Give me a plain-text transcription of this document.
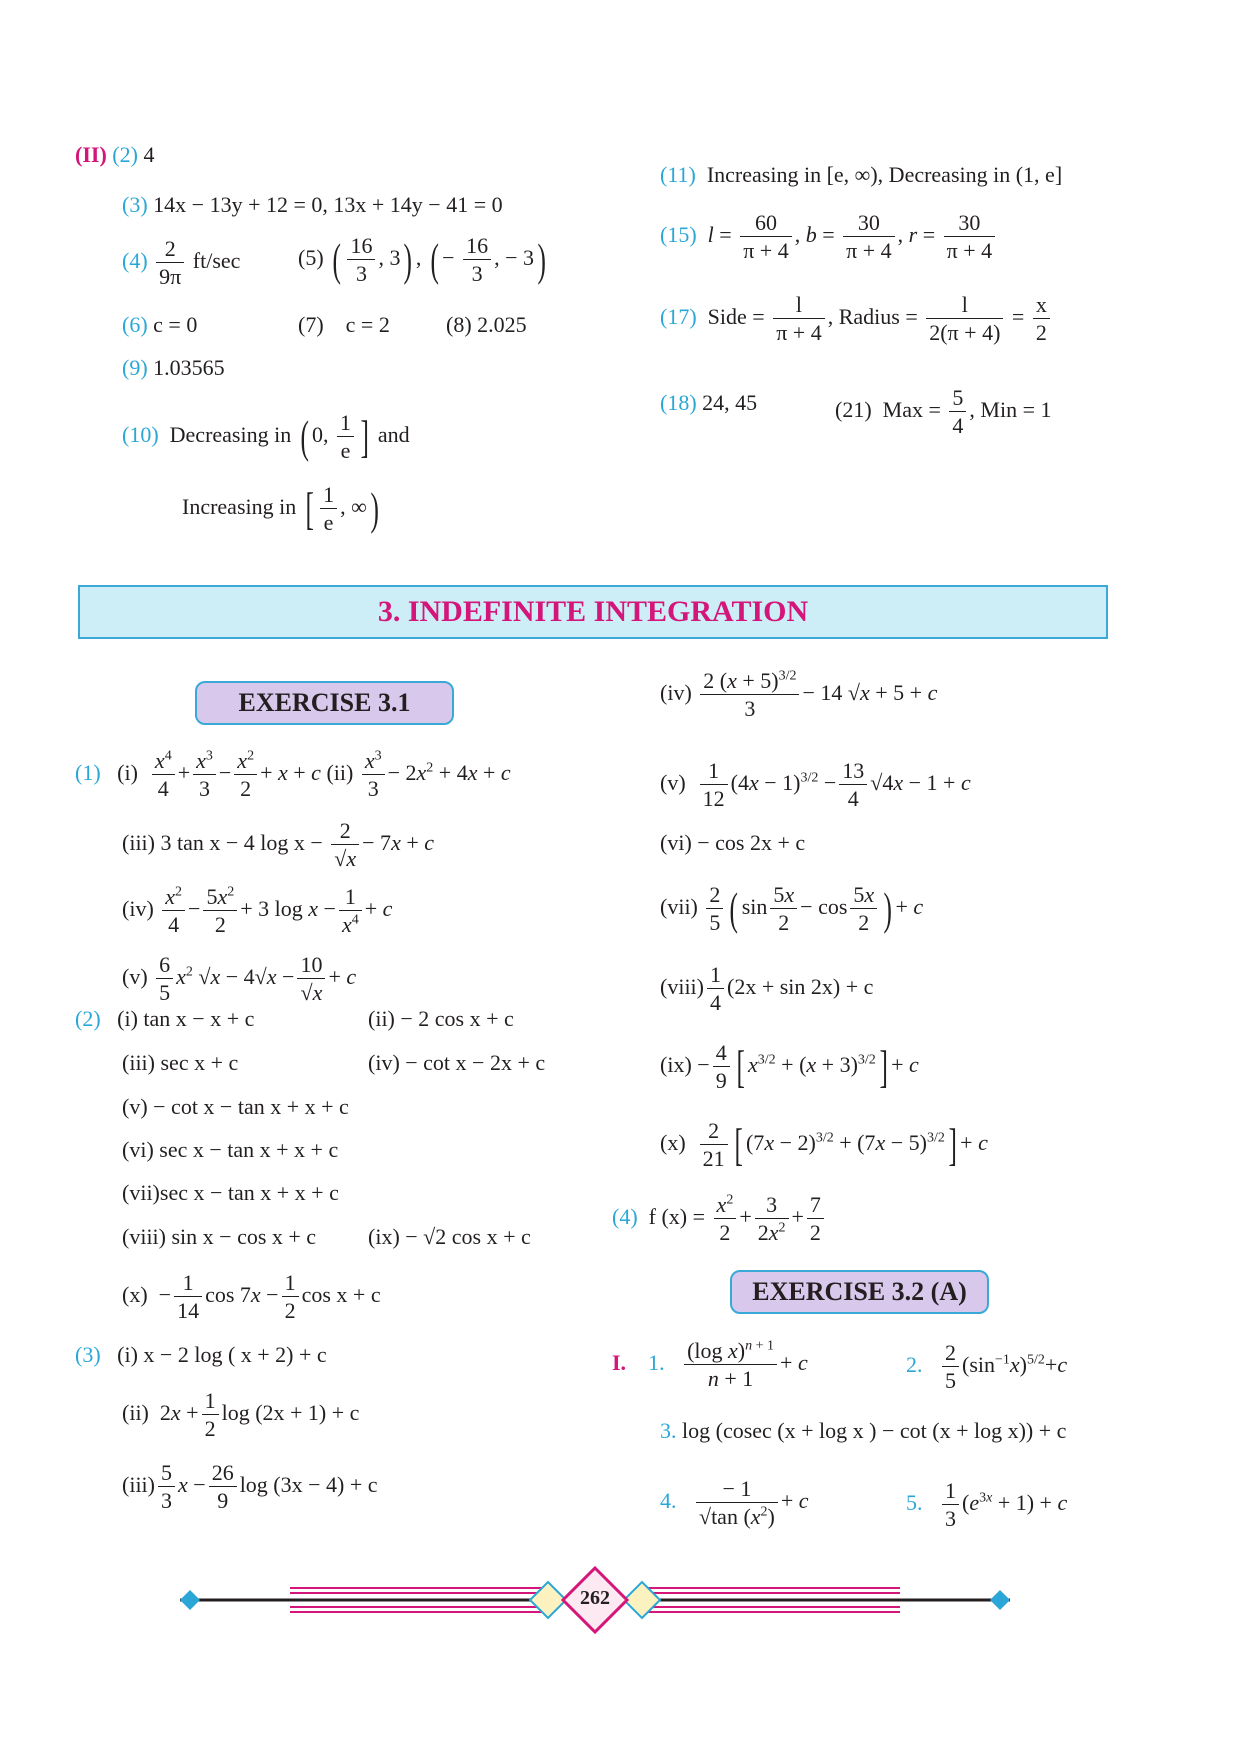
(II) (2) 4
(3) 14x − 13y + 12 = 0, 13x + 14y − 41 = 0
$(4) \frac{2}{9\pi} ft/\sec$	(5) ( $\frac{16}{3}$ , 3) , ( − $\frac{16}{3}$ , − 3)
(6) c = 0	(7) c = 2	(8) 2.025
(9) 1.03565
(10) Decreasing in ( 0, $\frac{1}{e}$ ] and
Increasing in [ $\frac{1}{e}$ , ∞)
(11) Increasing in [e, ∞), Decreasing in (1, e]
(15) $l = \frac{60}{\pi + 4}$ , $b = \frac{30}{\pi + 4}$ , $r = \frac{30}{\pi + 4}$
(17) Side = $\frac{l}{\pi + 4}$ , Radius = $\frac{l}{2(\pi + 4)} = \frac{x}{2}$
(18) 24, 45	(21) Max = $\frac{5}{4}$ , Min = 1
3. INDEFINITE INTEGRATION
EXERCISE 3.1
(1) $(i) \frac{x^4}{4} + \frac{x^3}{3} - \frac{x^2}{2} + x + c$ $(ii) \frac{x^3}{3} - 2x^2 + 4x + c$
(iii) 3 tan x − 4 $\log x - \frac{2}{√x} - 7x + c$
$(iv) \frac{x^2}{4} - \frac{5x^2}{2} + 3$ $\log x - \frac{1}{x^4} + c$
$(v) \frac{6}{5} x^2$ $√x - 4√x - \frac{10}{√x} + c$
(2) (i) tan x − x + c	(ii) − 2 cos x + c
(iii) sec x + c	(iv) − cot x − 2x + c
(v) − cot x − tan x + x + c
(vi) sec x − tan x + x + c
(vii)sec x − tan x + x + c
(viii) sin x − cos x + c (ix) − √2 cos x + c
$(x) - \frac{1}{14}$ $\cos 7x - \frac{1}{2}$ cos x + c
(3) (i) x − 2 log ( x + 2) + c
(ii)  $2x + \frac{1}{2}$ log (2x + 1) + c
$(iii) \frac{5}{3}$ $x - \frac{26}{9}$ log (3x − 4) + c
$(iv) \frac{2 (x + 5)^{3/2}}{3} - 14$ √x + 5 + c
$(v) \frac{1}{12} (4x - 1)^{3/2} - \frac{13}{4} √4x - 1 + c$
(vi) − cos 2x + c
$(vii) \frac{2}{5}$ ( $\sin \frac{5x}{2} - \cos \frac{5x}{2}$ ) + c
(viii) $\frac{1}{4} (2x + \sin 2x) + c$
$(ix) - \frac{4}{9}$ [ $x^{3/2} + (x + 3)^{3/2}] + c$
$(x) \frac{2}{21}$ [ $(7x - 2)^{3/2} + (7x - 5)^{3/2}] + c$
(4) f $(x) = \frac{x^2}{2} + \frac{3}{2x^2} + \frac{7}{2}$
EXERCISE 3.2 (A)
I. 1. $\frac{(\log x)^{n + 1}}{n + 1} + c$	2. $\frac{2}{5} (\sin^{-1}x)^{5/2}+c$
3. log (cosec (x + log x ) − cot (x + log x)) + c
4. $\frac{- 1}{√\tan (x^2)} + c$	5. $\frac{1}{3} (e^{3x} + 1) + c$
262
